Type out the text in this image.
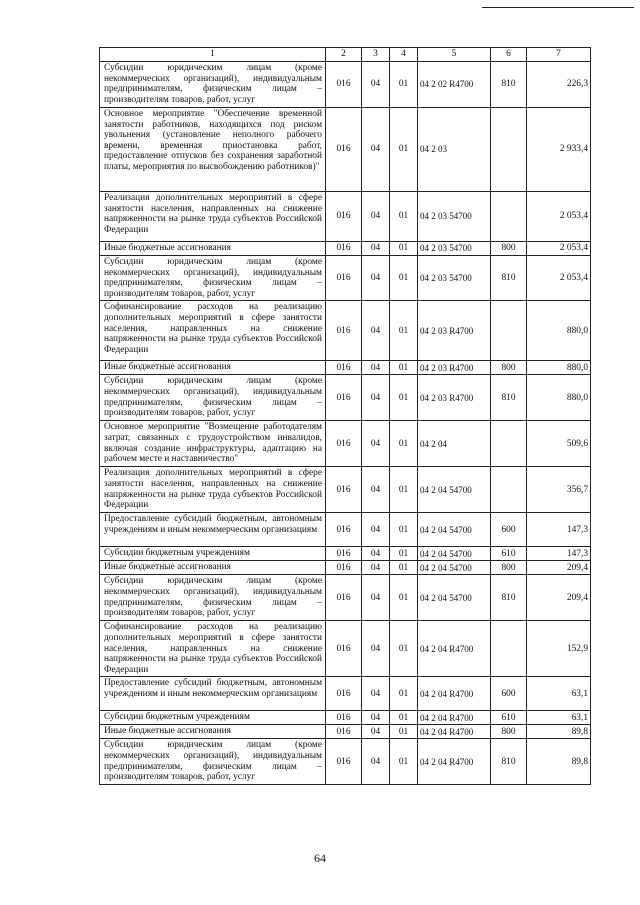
1	2	3	4	5	6	7
Субсидии юридическим лицам (кроме некоммерческих организаций), индивидуальным предпринимателям, физическим лицам – производителям товаров, работ, услуг	016	04	01	04 2 02 R4700	810	226,3
Основное мероприятие "Обеспечение временной занятости работников, находящихся под риском увольнения (установление неполного рабочего времени, временная приостановка работ, предоставление отпусков без сохранения заработной платы, мероприятия по высвобождению работников)"	016	04	01	04 2 03		2 933,4
Реализация дополнительных мероприятий в сфере занятости населения, направленных на снижение напряженности на рынке труда субъектов Российской Федерации	016	04	01	04 2 03 54700		2 053,4
Иные бюджетные ассигнования	016	04	01	04 2 03 54700	800	2 053,4
Субсидии юридическим лицам (кроме некоммерческих организаций), индивидуальным предпринимателям, физическим лицам – производителям товаров, работ, услуг	016	04	01	04 2 03 54700	810	2 053,4
Софинансирование расходов на реализацию дополнительных мероприятий в сфере занятости населения, направленных на снижение напряженности на рынке труда субъектов Российской Федерации	016	04	01	04 2 03 R4700		880,0
Иные бюджетные ассигнования	016	04	01	04 2 03 R4700	800	880,0
Субсидии юридическим лицам (кроме некоммерческих организаций), индивидуальным предпринимателям, физическим лицам – производителям товаров, работ, услуг	016	04	01	04 2 03 R4700	810	880,0
Основное мероприятие "Возмещение работодателям затрат, связанных с трудоустройством инвалидов, включая создание инфраструктуры, адаптацию на рабочем месте и наставничество"	016	04	01	04 2 04		509,6
Реализация дополнительных мероприятий в сфере занятости населения, направленных на снижение напряженности на рынке труда субъектов Российской Федерации	016	04	01	04 2 04 54700		356,7
Предоставление субсидий бюджетным, автономным учреждениям и иным некоммерческим организациям	016	04	01	04 2 04 54700	600	147,3
Субсидии бюджетным учреждениям	016	04	01	04 2 04 54700	610	147,3
Иные бюджетные ассигнования	016	04	01	04 2 04 54700	800	209,4
Субсидии юридическим лицам (кроме некоммерческих организаций), индивидуальным предпринимателям, физическим лицам – производителям товаров, работ, услуг	016	04	01	04 2 04 54700	810	209,4
Софинансирование расходов на реализацию дополнительных мероприятий в сфере занятости населения, направленных на снижение напряженности на рынке труда субъектов Российской Федерации	016	04	01	04 2 04 R4700		152,9
Предоставление субсидий бюджетным, автономным учреждениям и иным некоммерческим организациям	016	04	01	04 2 04 R4700	600	63,1
Субсидии бюджетным учреждениям	016	04	01	04 2 04 R4700	610	63,1
Иные бюджетные ассигнования	016	04	01	04 2 04 R4700	800	89,8
Субсидии юридическим лицам (кроме некоммерческих организаций), индивидуальным предпринимателям, физическим лицам – производителям товаров, работ, услуг	016	04	01	04 2 04 R4700	810	89,8
64
